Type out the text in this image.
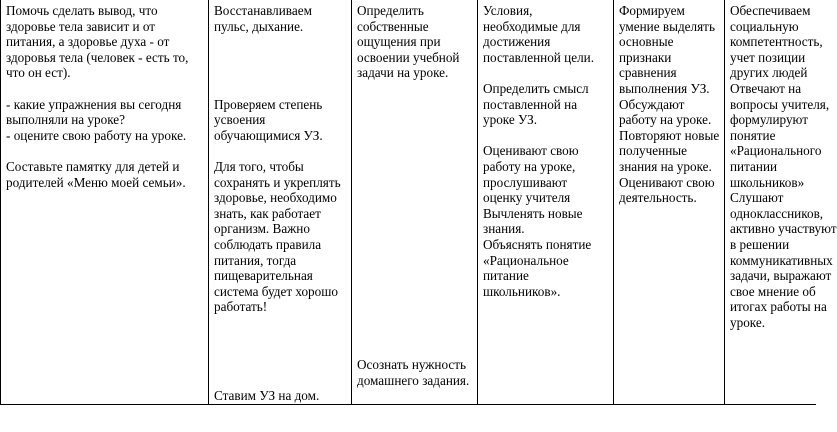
Помочь сделать вывод, что
здоровье тела зависит и от
питания, а здоровье духа - от
здоровья тела (человек - есть то,
что он ест).
- какие упражнения вы сегодня
выполняли на уроке?
- оцените свою работу на уроке.
Составьте памятку для детей и
родителей «Меню моей семьи».
Восстанавливаем
пульс, дыхание.
Проверяем степень
усвоения
обучающимися УЗ.
Для того, чтобы
сохранять и укреплять
здоровье, необходимо
знать, как работает
организм. Важно
соблюдать правила
питания, тогда
пищеварительная
система будет хорошо
работать!
Ставим УЗ на дом.
Определить
собственные
ощущения при
освоении учебной
задачи на уроке.
Осознать нужность
домашнего задания.
Условия,
необходимые для
достижения
поставленной цели.
Определить смысл
поставленной на
уроке УЗ.
Оценивают свою
работу на уроке,
прослушивают
оценку учителя
Вычленять новые
знания.
Объяснять понятие
«Рациональное
питание
школьников».
Формируем
умение выделять
основные
признаки
сравнения
выполнения УЗ.
Обсуждают
работу на уроке.
Повторяют новые
полученные
знания на уроке.
Оценивают свою
деятельность.
Обеспечиваем
социальную
компетентность,
учет позиции
других людей
Отвечают на
вопросы учителя,
формулируют
понятие
«Рационального
питании
школьников»
Слушают
одноклассников,
активно участвуют
в решении
коммуникативных
задачи, выражают
свое мнение об
итогах работы на
уроке.
